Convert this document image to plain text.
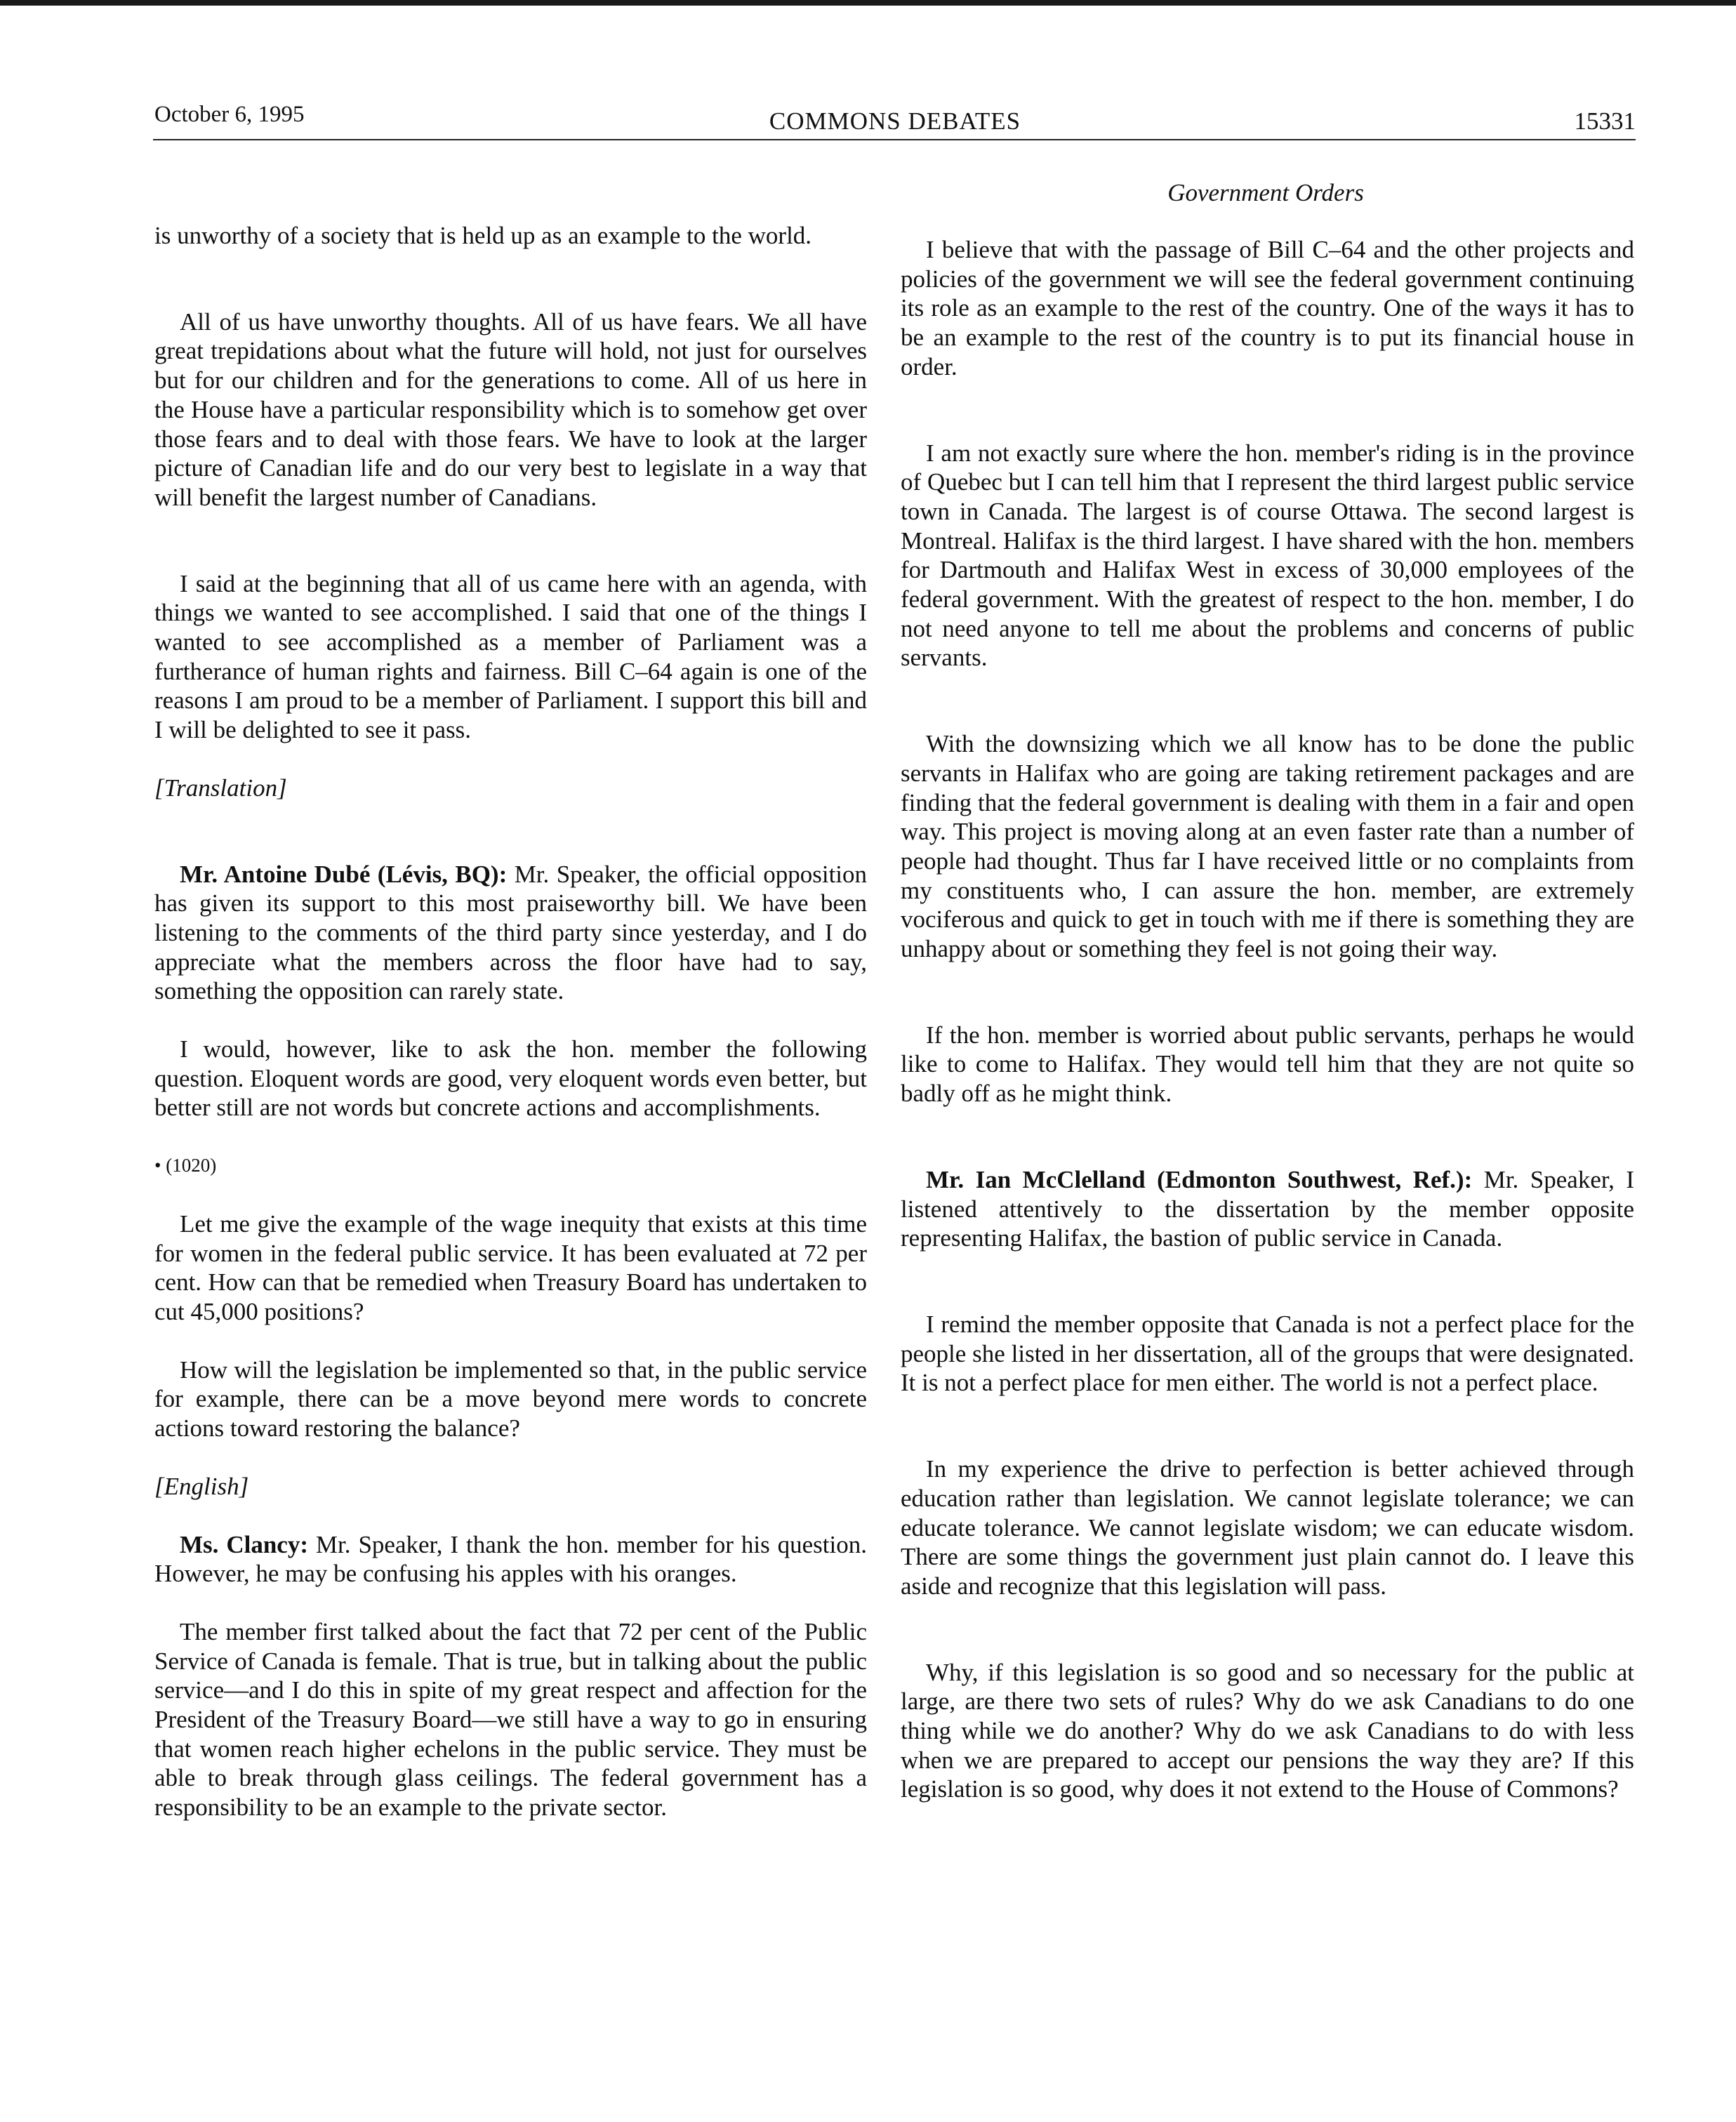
October 6, 1995	COMMONS DEBATES	15331
Government Orders

is unworthy of a society that is held up as an example to the world.

All of us have unworthy thoughts. All of us have fears. We all have great trepidations about what the future will hold, not just for ourselves but for our children and for the generations to come. All of us here in the House have a particular responsibility which is to somehow get over those fears and to deal with those fears. We have to look at the larger picture of Canadian life and do our very best to legislate in a way that will benefit the largest number of Canadians.

I said at the beginning that all of us came here with an agenda, with things we wanted to see accomplished. I said that one of the things I wanted to see accomplished as a member of Parliament was a furtherance of human rights and fairness. Bill C–64 again is one of the reasons I am proud to be a member of Parliament. I support this bill and I will be delighted to see it pass.

[Translation]

Mr. Antoine Dubé (Lévis, BQ): Mr. Speaker, the official opposition has given its support to this most praiseworthy bill. We have been listening to the comments of the third party since yesterday, and I do appreciate what the members across the floor have had to say, something the opposition can rarely state.

I would, however, like to ask the hon. member the following question. Eloquent words are good, very eloquent words even better, but better still are not words but concrete actions and accomplishments.

• (1020)

Let me give the example of the wage inequity that exists at this time for women in the federal public service. It has been evaluated at 72 per cent. How can that be remedied when Treasury Board has undertaken to cut 45,000 positions?

How will the legislation be implemented so that, in the public service for example, there can be a move beyond mere words to concrete actions toward restoring the balance?

[English]

Ms. Clancy: Mr. Speaker, I thank the hon. member for his question. However, he may be confusing his apples with his oranges.

The member first talked about the fact that 72 per cent of the Public Service of Canada is female. That is true, but in talking about the public service—and I do this in spite of my great respect and affection for the President of the Treasury Board—we still have a way to go in ensuring that women reach higher echelons in the public service. They must be able to break through glass ceilings. The federal government has a responsibility to be an example to the private sector.

I believe that with the passage of Bill C–64 and the other projects and policies of the government we will see the federal government continuing its role as an example to the rest of the country. One of the ways it has to be an example to the rest of the country is to put its financial house in order.

I am not exactly sure where the hon. member's riding is in the province of Quebec but I can tell him that I represent the third largest public service town in Canada. The largest is of course Ottawa. The second largest is Montreal. Halifax is the third largest. I have shared with the hon. members for Dartmouth and Halifax West in excess of 30,000 employees of the federal government. With the greatest of respect to the hon. member, I do not need anyone to tell me about the problems and concerns of public servants.

With the downsizing which we all know has to be done the public servants in Halifax who are going are taking retirement packages and are finding that the federal government is dealing with them in a fair and open way. This project is moving along at an even faster rate than a number of people had thought. Thus far I have received little or no complaints from my constituents who, I can assure the hon. member, are extremely vociferous and quick to get in touch with me if there is something they are unhappy about or something they feel is not going their way.

If the hon. member is worried about public servants, perhaps he would like to come to Halifax. They would tell him that they are not quite so badly off as he might think.

Mr. Ian McClelland (Edmonton Southwest, Ref.): Mr. Speaker, I listened attentively to the dissertation by the member opposite representing Halifax, the bastion of public service in Canada.

I remind the member opposite that Canada is not a perfect place for the people she listed in her dissertation, all of the groups that were designated. It is not a perfect place for men either. The world is not a perfect place.

In my experience the drive to perfection is better achieved through education rather than legislation. We cannot legislate tolerance; we can educate tolerance. We cannot legislate wisdom; we can educate wisdom. There are some things the government just plain cannot do. I leave this aside and recognize that this legislation will pass.

Why, if this legislation is so good and so necessary for the public at large, are there two sets of rules? Why do we ask Canadians to do one thing while we do another? Why do we ask Canadians to do with less when we are prepared to accept our pensions the way they are? If this legislation is so good, why does it not extend to the House of Commons?
